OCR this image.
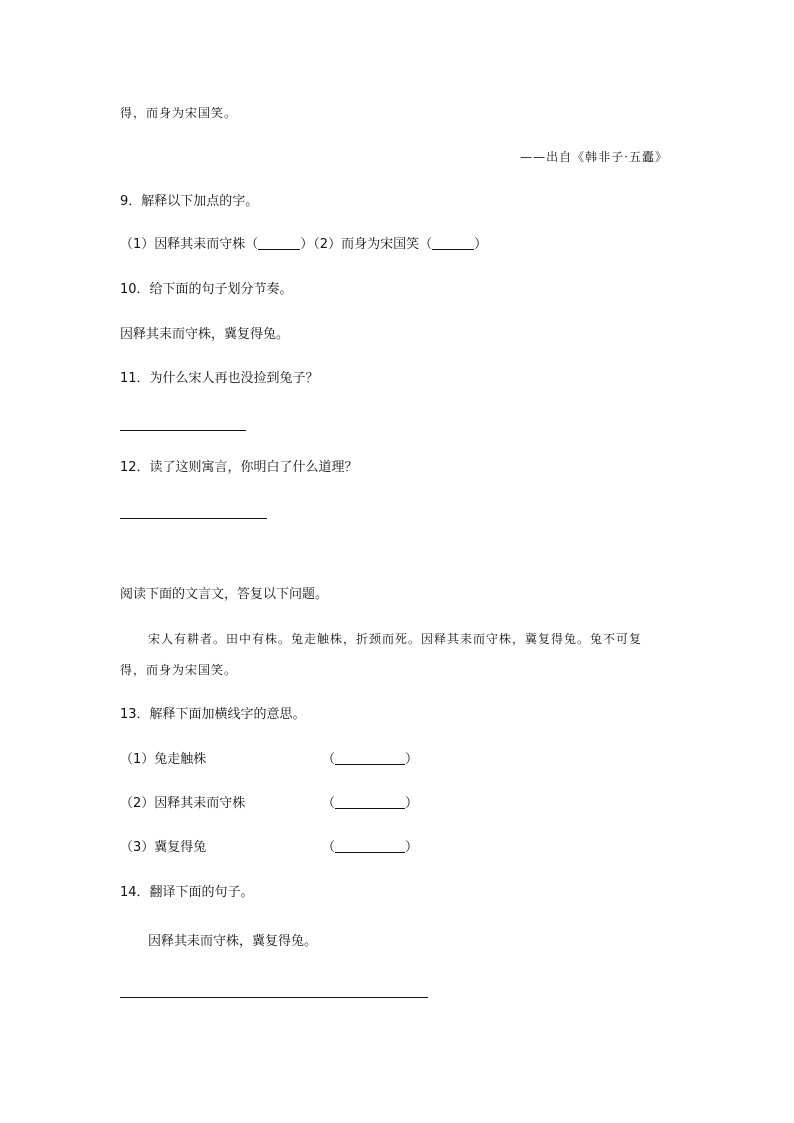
得，而身为宋国笑。
——出自《韩非子·五蠹》
9．解释以下加点的字。
（1）因释其耒而守株（	）（2）而身为宋国笑（	）
10．给下面的句子划分节奏。
因释其耒而守株，冀复得兔。
11．为什么宋人再也没捡到兔子？
12．读了这则寓言，你明白了什么道理？
阅读下面的文言文，答复以下问题。
宋人有耕者。田中有株。兔走触株，折颈而死。因释其耒而守株，冀复得兔。兔不可复
得，而身为宋国笑。
13．解释下面加横线字的意思。
（1）兔走触株	（	）
（2）因释其耒而守株	（	）
（3）冀复得兔	（	）
14．翻译下面的句子。
因释其耒而守株，冀复得兔。
